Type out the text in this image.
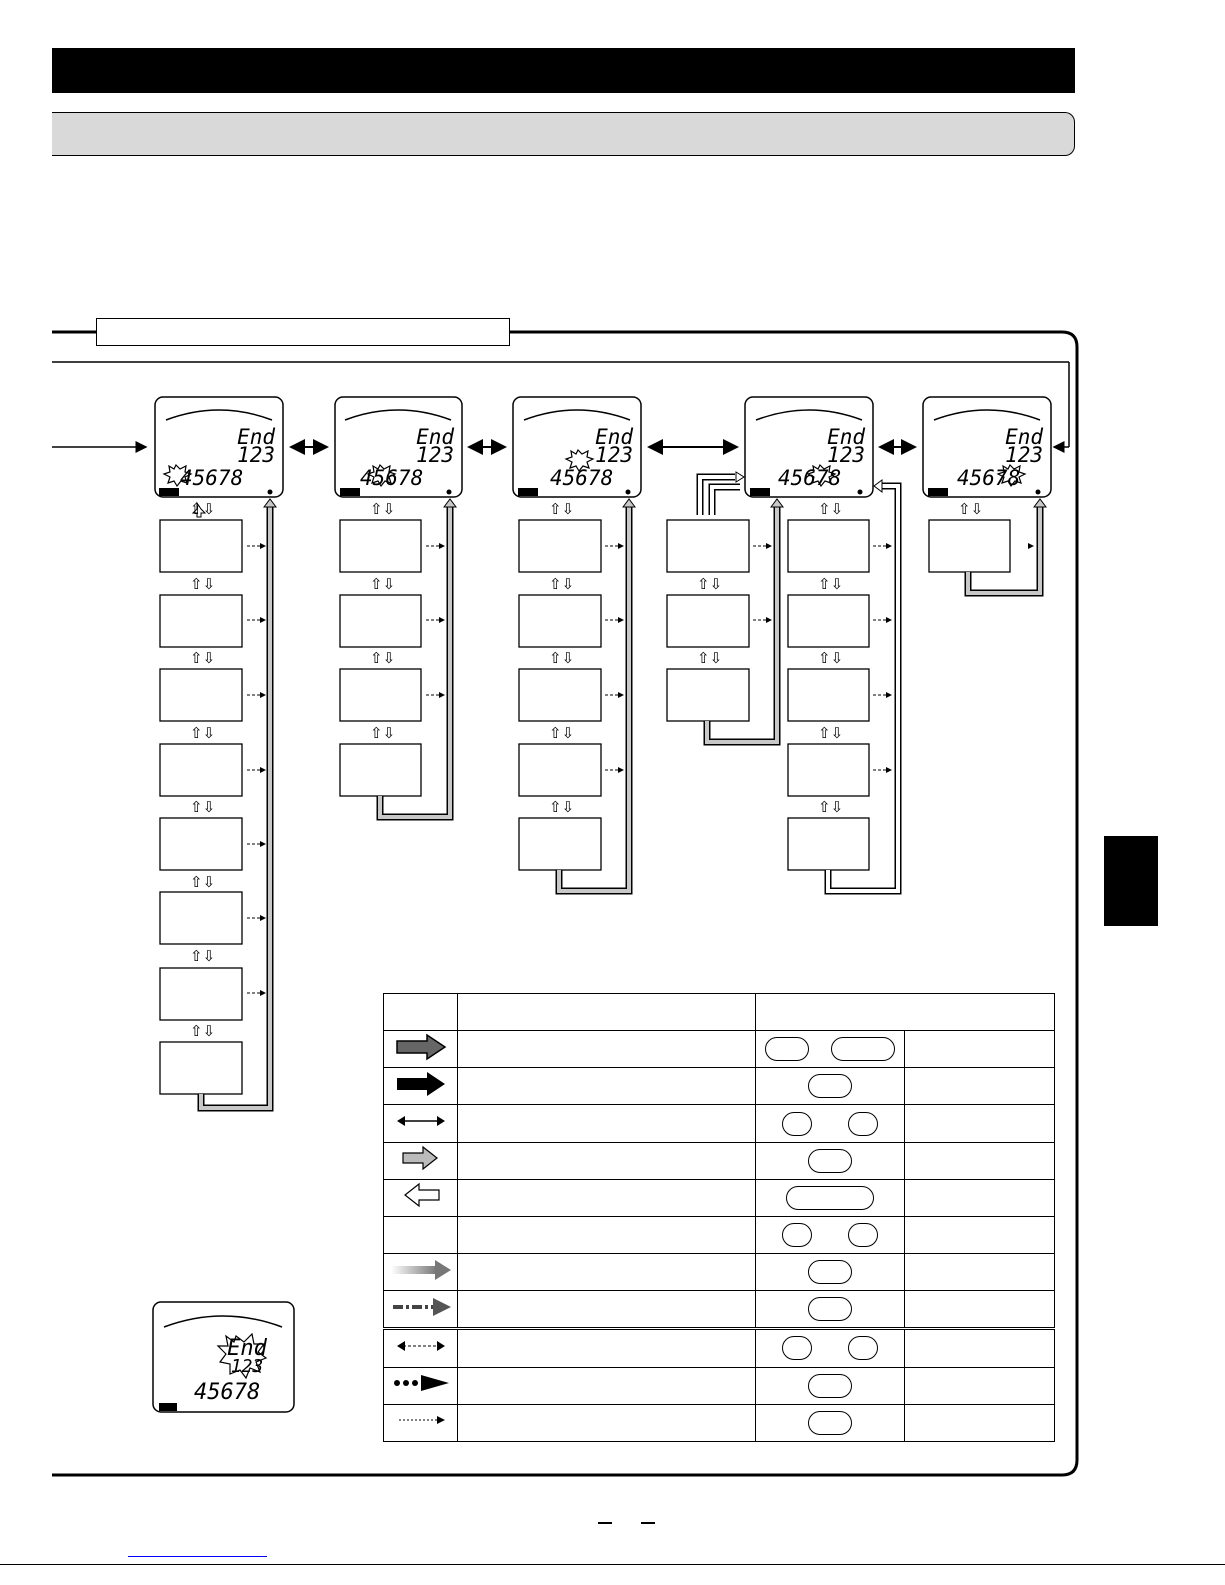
⇧⇩
⇧⇩
⇧⇩
⇧⇩
⇧⇩
⇧⇩
⇧⇩
⇧⇩
⇧⇩
⇧⇩
⇧⇩
⇧⇩
⇧⇩
⇧⇩
⇧⇩
⇧⇩
⇧⇩
⇧⇩
⇧⇩
⇧⇩
⇧⇩
⇧⇩
⇧⇩
⇧⇩
⇧⇩
End
123
45678
End
123
45678
End
123
45678
End
123
45678
End
123
45678
End
123
45678
